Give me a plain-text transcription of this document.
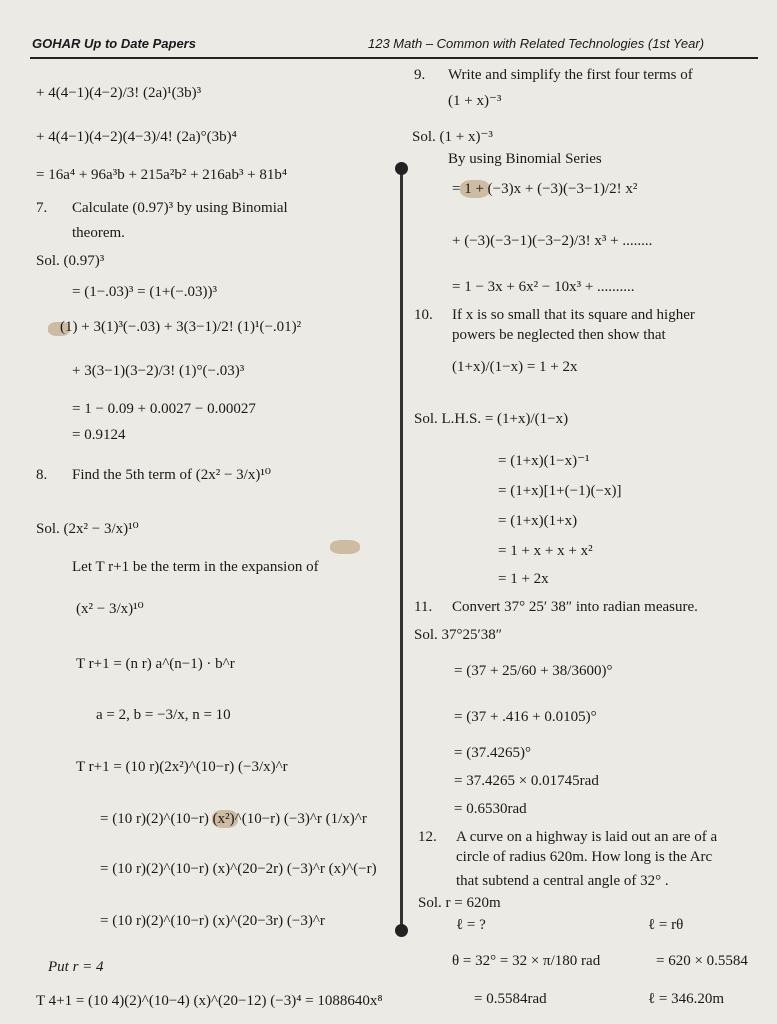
GOHAR Up to Date Papers	123 Math – Common with Related Technologies (1st Year)
+ 4(4−1)(4−2)/3! (2a)¹(3b)³
+ 4(4−1)(4−2)(4−3)/4! (2a)°(3b)⁴
= 16a⁴ + 96a³b + 215a²b² + 216ab³ + 81b⁴
7. Calculate (0.97)³ by using Binomial
theorem.
Sol. (0.97)³
= (1−.03)³ = (1+(−.03))³
(1) + 3(1)³(−.03) + 3(3−1)/2! (1)¹(−.01)²
+ 3(3−1)(3−2)/3! (1)°(−.03)³
= 1 − 0.09 + 0.0027 − 0.00027
= 0.9124
8. Find the 5th term of (2x² − 3/x)¹⁰
Sol. (2x² − 3/x)¹⁰
Let T r+1 be the term in the expansion of
(x² − 3/x)¹⁰
T r+1 = (n r) a^(n−1) · b^r
a = 2, b = −3/x, n = 10
T r+1 = (10 r)(2x²)^(10−r) (−3/x)^r
= (10 r)(2)^(10−r) (x²)^(10−r) (−3)^r (1/x)^r
= (10 r)(2)^(10−r) (x)^(20−2r) (−3)^r (x)^(−r)
= (10 r)(2)^(10−r) (x)^(20−3r) (−3)^r
Put r = 4
T 4+1 = (10 4)(2)^(10−4) (x)^(20−12) (−3)⁴ = 1088640x⁸
9. Write and simplify the first four terms of
(1 + x)⁻³
Sol. (1 + x)⁻³
By using Binomial Series
= 1 + (−3)x + (−3)(−3−1)/2! x²
+ (−3)(−3−1)(−3−2)/3! x³ + ........
= 1 − 3x + 6x² − 10x³ + ..........
10. If x is so small that its square and higher
powers be neglected then show that
(1+x)/(1−x) = 1 + 2x
Sol. L.H.S. = (1+x)/(1−x)
= (1+x)(1−x)⁻¹
= (1+x)[1+(−1)(−x)]
= (1+x)(1+x)
= 1 + x + x + x²
= 1 + 2x
11. Convert 37° 25′ 38″ into radian measure.
Sol. 37°25′38″
= (37 + 25/60 + 38/3600)°
= (37 + .416 + 0.0105)°
= (37.4265)°
= 37.4265 × 0.01745rad
= 0.6530rad
12. A curve on a highway is laid out an are of a
circle of radius 620m. How long is the Arc
that subtend a central angle of 32° .
Sol. r = 620m
ℓ = ?	ℓ = rθ
θ = 32° = 32 × π/180 rad	= 620 × 0.5584
= 0.5584rad	ℓ = 346.20m
